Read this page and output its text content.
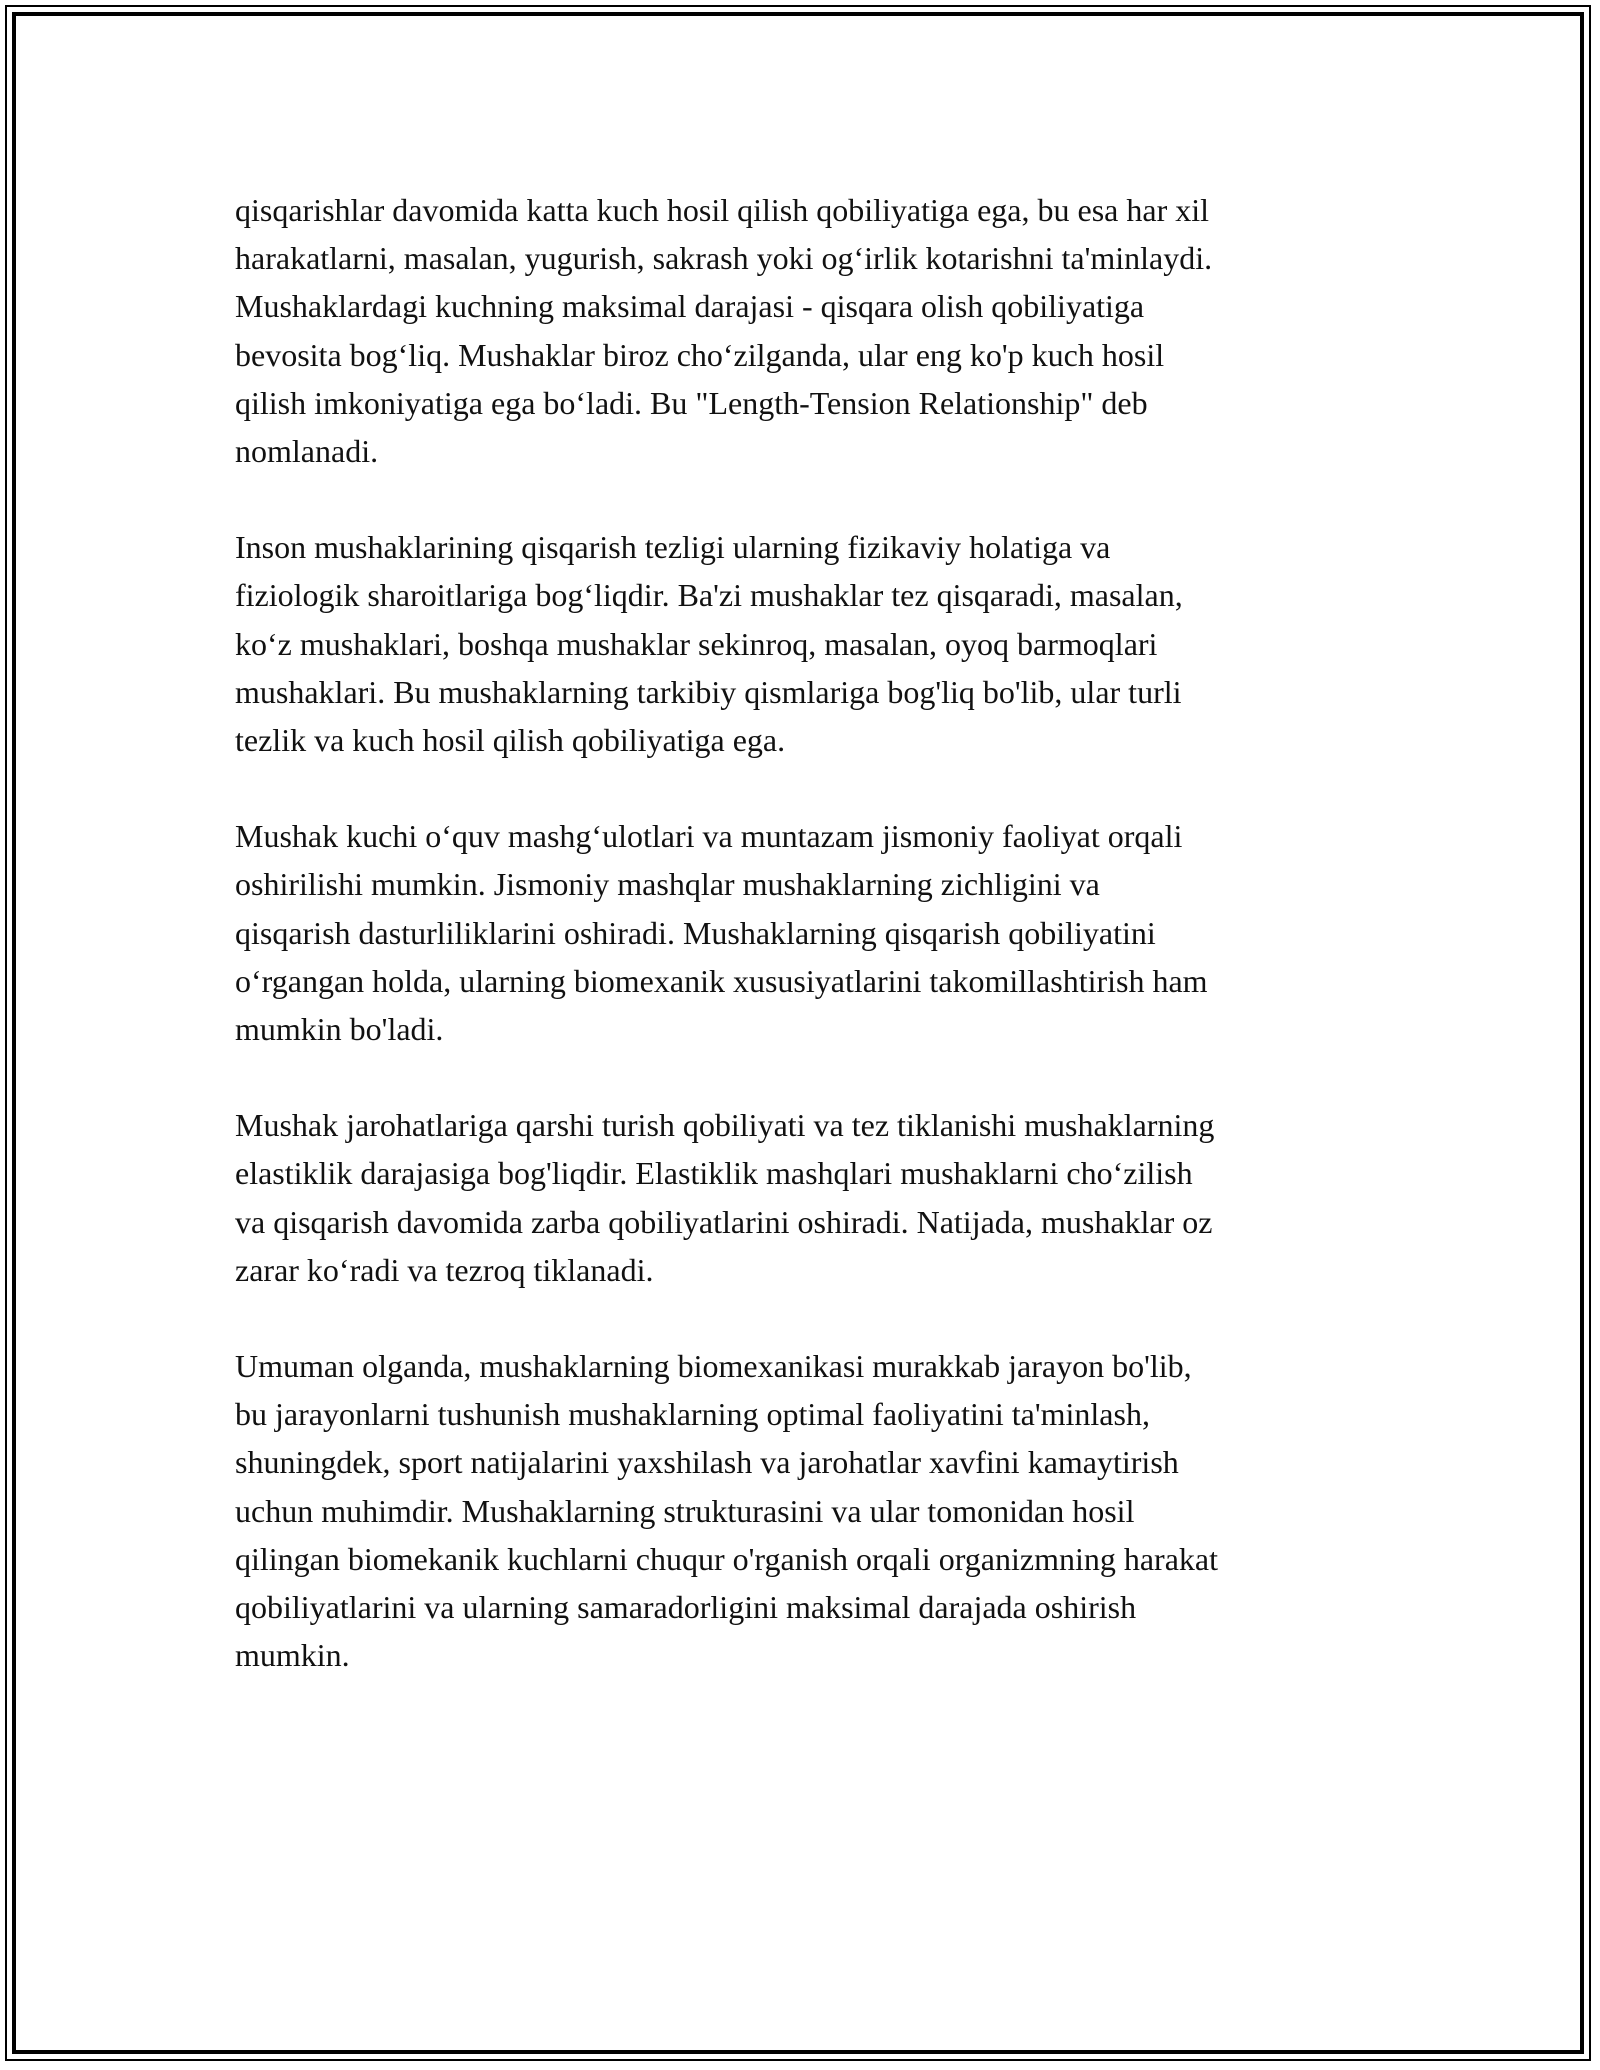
qisqarishlar davomida katta kuch hosil qilish qobiliyatiga ega, bu esa har xil
harakatlarni, masalan, yugurish, sakrash yoki og‘irlik kotarishni ta'minlaydi.
Mushaklardagi kuchning maksimal darajasi - qisqara olish qobiliyatiga
bevosita bog‘liq. Mushaklar biroz cho‘zilganda, ular eng ko'p kuch hosil
qilish imkoniyatiga ega bo‘ladi. Bu "Length-Tension Relationship" deb
nomlanadi.

Inson mushaklarining qisqarish tezligi ularning fizikaviy holatiga va
fiziologik sharoitlariga bog‘liqdir. Ba'zi mushaklar tez qisqaradi, masalan,
ko‘z mushaklari, boshqa mushaklar sekinroq, masalan, oyoq barmoqlari
mushaklari. Bu mushaklarning tarkibiy qismlariga bog'liq bo'lib, ular turli
tezlik va kuch hosil qilish qobiliyatiga ega.

Mushak kuchi o‘quv mashg‘ulotlari va muntazam jismoniy faoliyat orqali
oshirilishi mumkin. Jismoniy mashqlar mushaklarning zichligini va
qisqarish dasturliliklarini oshiradi. Mushaklarning qisqarish qobiliyatini
o‘rgangan holda, ularning biomexanik xususiyatlarini takomillashtirish ham
mumkin bo'ladi.

Mushak jarohatlariga qarshi turish qobiliyati va tez tiklanishi mushaklarning
elastiklik darajasiga bog'liqdir. Elastiklik mashqlari mushaklarni cho‘zilish
va qisqarish davomida zarba qobiliyatlarini oshiradi. Natijada, mushaklar oz
zarar ko‘radi va tezroq tiklanadi.

Umuman olganda, mushaklarning biomexanikasi murakkab jarayon bo'lib,
bu jarayonlarni tushunish mushaklarning optimal faoliyatini ta'minlash,
shuningdek, sport natijalarini yaxshilash va jarohatlar xavfini kamaytirish
uchun muhimdir. Mushaklarning strukturasini va ular tomonidan hosil
qilingan biomekanik kuchlarni chuqur o'rganish orqali organizmning harakat
qobiliyatlarini va ularning samaradorligini maksimal darajada oshirish
mumkin.
